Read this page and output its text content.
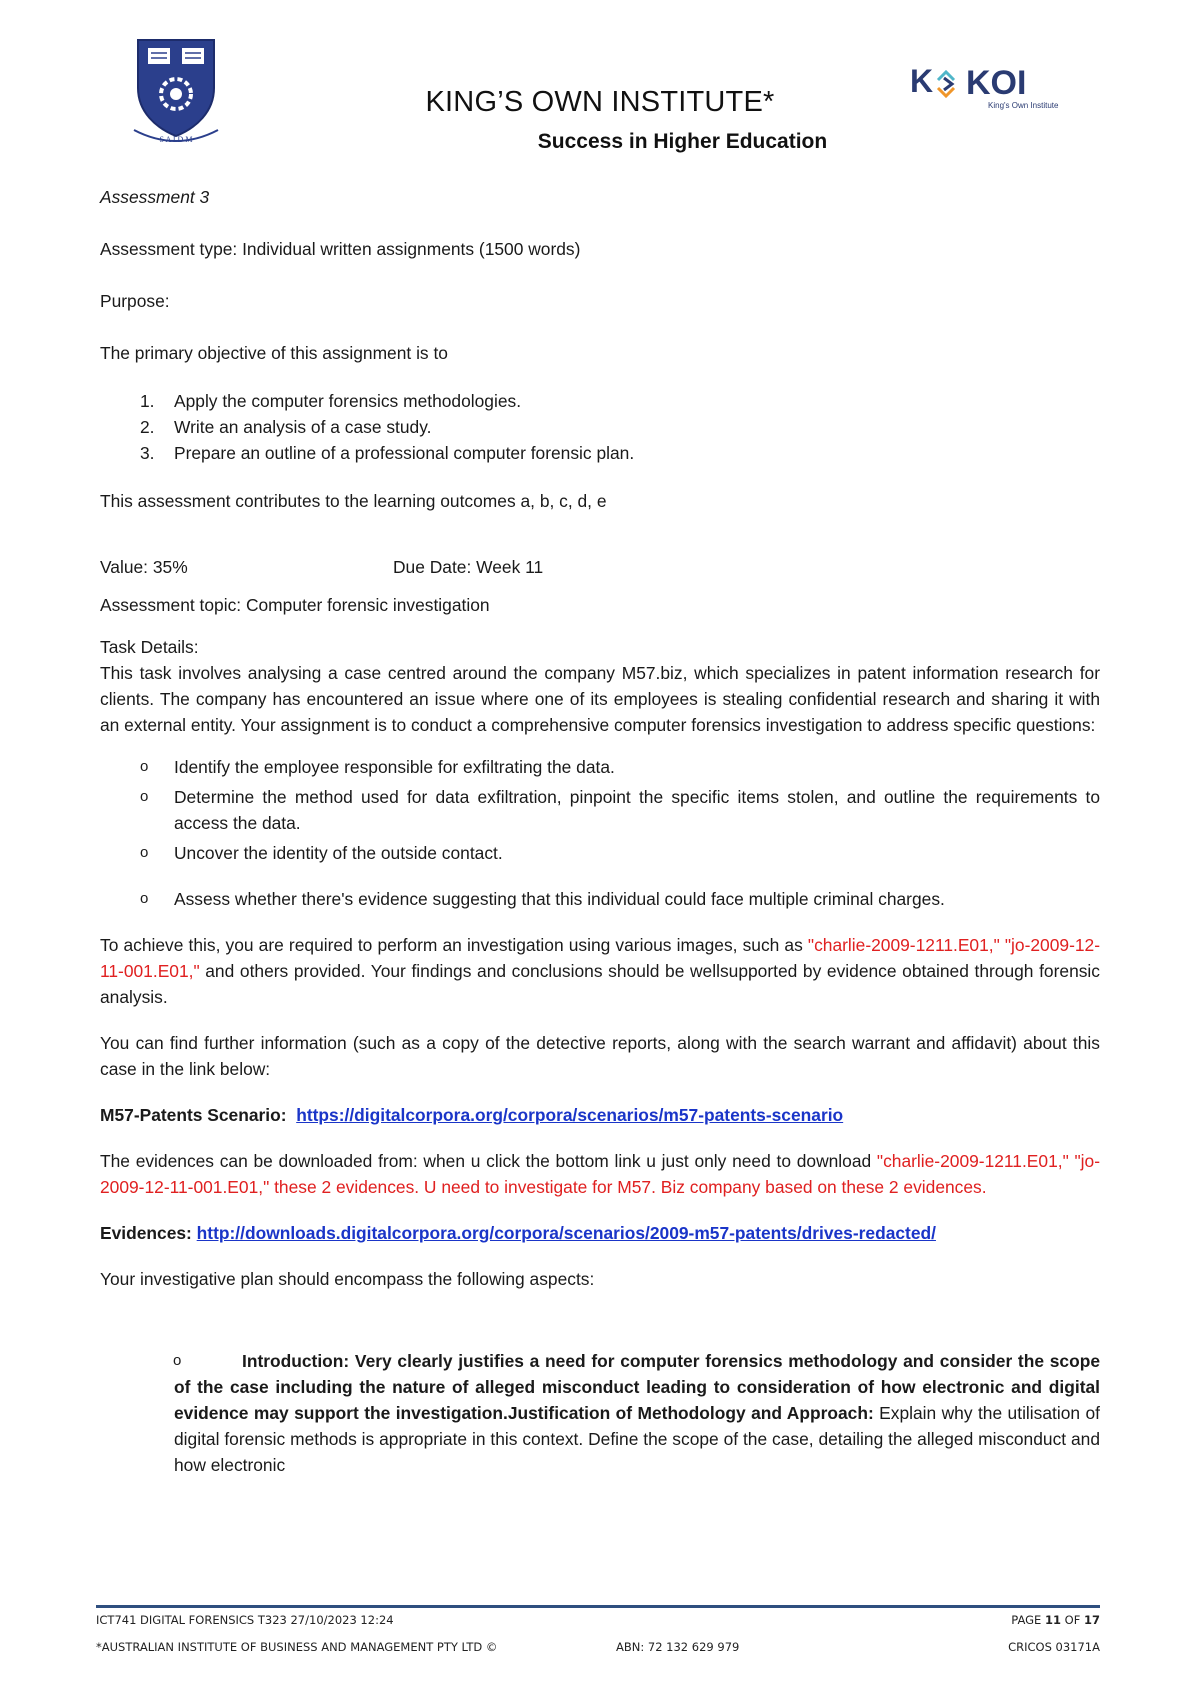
S A I D M
KING’S OWN INSTITUTE*
Success in Higher Education
K KOI
King's Own Institute

Assessment 3

Assessment type: Individual written assignments (1500 words)

Purpose:

The primary objective of this assignment is to

1. Apply the computer forensics methodologies.
2. Write an analysis of a case study.
3. Prepare an outline of a professional computer forensic plan.

This assessment contributes to the learning outcomes a, b, c, d, e

Value: 35%	Due Date: Week 11

Assessment topic: Computer forensic investigation

Task Details:

This task involves analysing a case centred around the company M57.biz, which specializes in patent information research for clients. The company has encountered an issue where one of its employees is stealing confidential research and sharing it with an external entity. Your assignment is to conduct a comprehensive computer forensics investigation to address specific questions:

o Identify the employee responsible for exfiltrating the data.
o Determine the method used for data exfiltration, pinpoint the specific items stolen, and outline the requirements to access the data.
o Uncover the identity of the outside contact.
o Assess whether there's evidence suggesting that this individual could face multiple criminal charges.

To achieve this, you are required to perform an investigation using various images, such as "charlie-2009-1211.E01," "jo-2009-12-11-001.E01," and others provided. Your findings and conclusions should be wellsupported by evidence obtained through forensic analysis.

You can find further information (such as a copy of the detective reports, along with the search warrant and affidavit) about this case in the link below:

M57-Patents Scenario: https://digitalcorpora.org/corpora/scenarios/m57-patents-scenario

The evidences can be downloaded from: when u click the bottom link u just only need to download "charlie-2009-1211.E01," "jo-2009-12-11-001.E01," these 2 evidences. U need to investigate for M57. Biz company based on these 2 evidences.

Evidences: http://downloads.digitalcorpora.org/corpora/scenarios/2009-m57-patents/drives-redacted/

Your investigative plan should encompass the following aspects:

o	Introduction: Very clearly justifies a need for computer forensics methodology and consider the scope of the case including the nature of alleged misconduct leading to consideration of how electronic and digital evidence may support the investigation.Justification of Methodology and Approach: Explain why the utilisation of digital forensic methods is appropriate in this context. Define the scope of the case, detailing the alleged misconduct and how electronic

ICT741 DIGITAL FORENSICS T323 27/10/2023 12:24	PAGE 11 OF 17
*AUSTRALIAN INSTITUTE OF BUSINESS AND MANAGEMENT PTY LTD ©	ABN: 72 132 629 979	CRICOS 03171A
